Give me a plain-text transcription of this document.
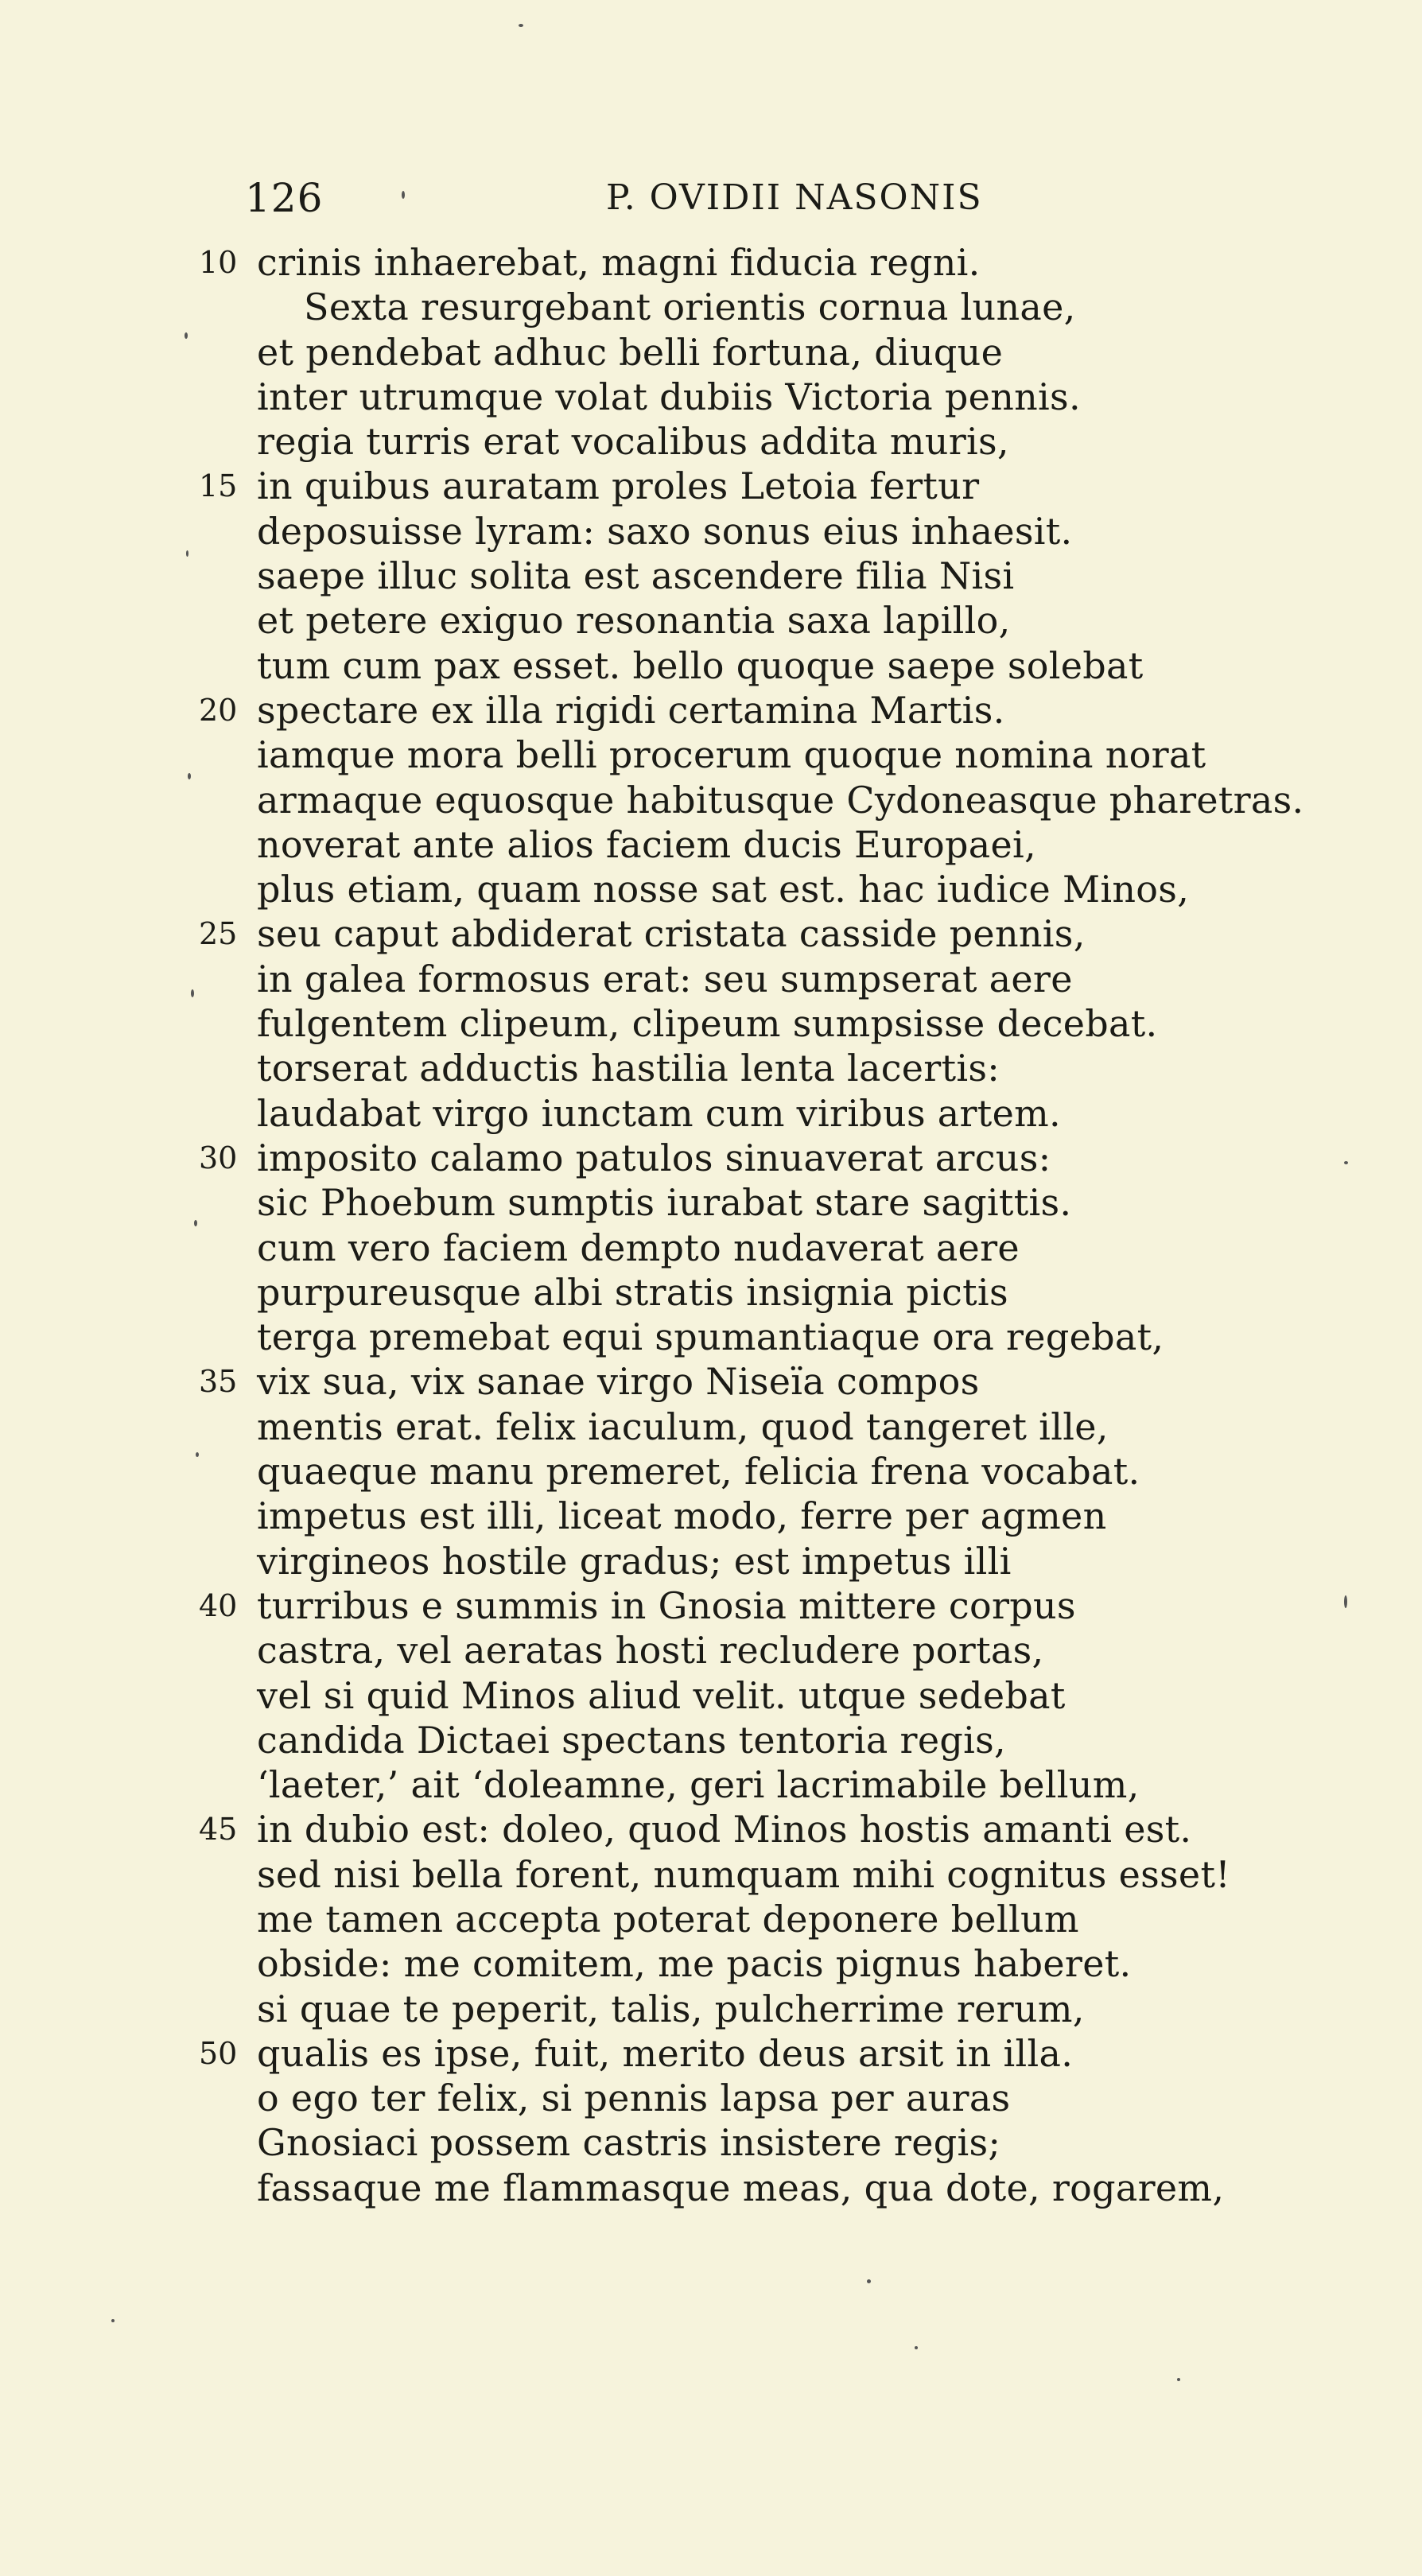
126	P. OVIDII NASONIS
10 crinis inhaerebat, magni fiducia regni.
Sexta resurgebant orientis cornua lunae,
et pendebat adhuc belli fortuna, diuque
inter utrumque volat dubiis Victoria pennis.
regia turris erat vocalibus addita muris,
15 in quibus auratam proles Letoia fertur
deposuisse lyram: saxo sonus eius inhaesit.
saepe illuc solita est ascendere filia Nisi
et petere exiguo resonantia saxa lapillo,
tum cum pax esset. bello quoque saepe solebat
20 spectare ex illa rigidi certamina Martis.
iamque mora belli procerum quoque nomina norat
armaque equosque habitusque Cydoneasque pharetras.
noverat ante alios faciem ducis Europaei,
plus etiam, quam nosse sat est. hac iudice Minos,
25 seu caput abdiderat cristata casside pennis,
in galea formosus erat: seu sumpserat aere
fulgentem clipeum, clipeum sumpsisse decebat.
torserat adductis hastilia lenta lacertis:
laudabat virgo iunctam cum viribus artem.
30 imposito calamo patulos sinuaverat arcus:
sic Phoebum sumptis iurabat stare sagittis.
cum vero faciem dempto nudaverat aere
purpureusque albi stratis insignia pictis
terga premebat equi spumantiaque ora regebat,
35 vix sua, vix sanae virgo Niseïa compos
mentis erat. felix iaculum, quod tangeret ille,
quaeque manu premeret, felicia frena vocabat.
impetus est illi, liceat modo, ferre per agmen
virgineos hostile gradus; est impetus illi
40 turribus e summis in Gnosia mittere corpus
castra, vel aeratas hosti recludere portas,
vel si quid Minos aliud velit. utque sedebat
candida Dictaei spectans tentoria regis,
‘laeter,’ ait ‘doleamne, geri lacrimabile bellum,
45 in dubio est: doleo, quod Minos hostis amanti est.
sed nisi bella forent, numquam mihi cognitus esset!
me tamen accepta poterat deponere bellum
obside: me comitem, me pacis pignus haberet.
si quae te peperit, talis, pulcherrime rerum,
50 qualis es ipse, fuit, merito deus arsit in illa.
o ego ter felix, si pennis lapsa per auras
Gnosiaci possem castris insistere regis;
fassaque me flammasque meas, qua dote, rogarem,
